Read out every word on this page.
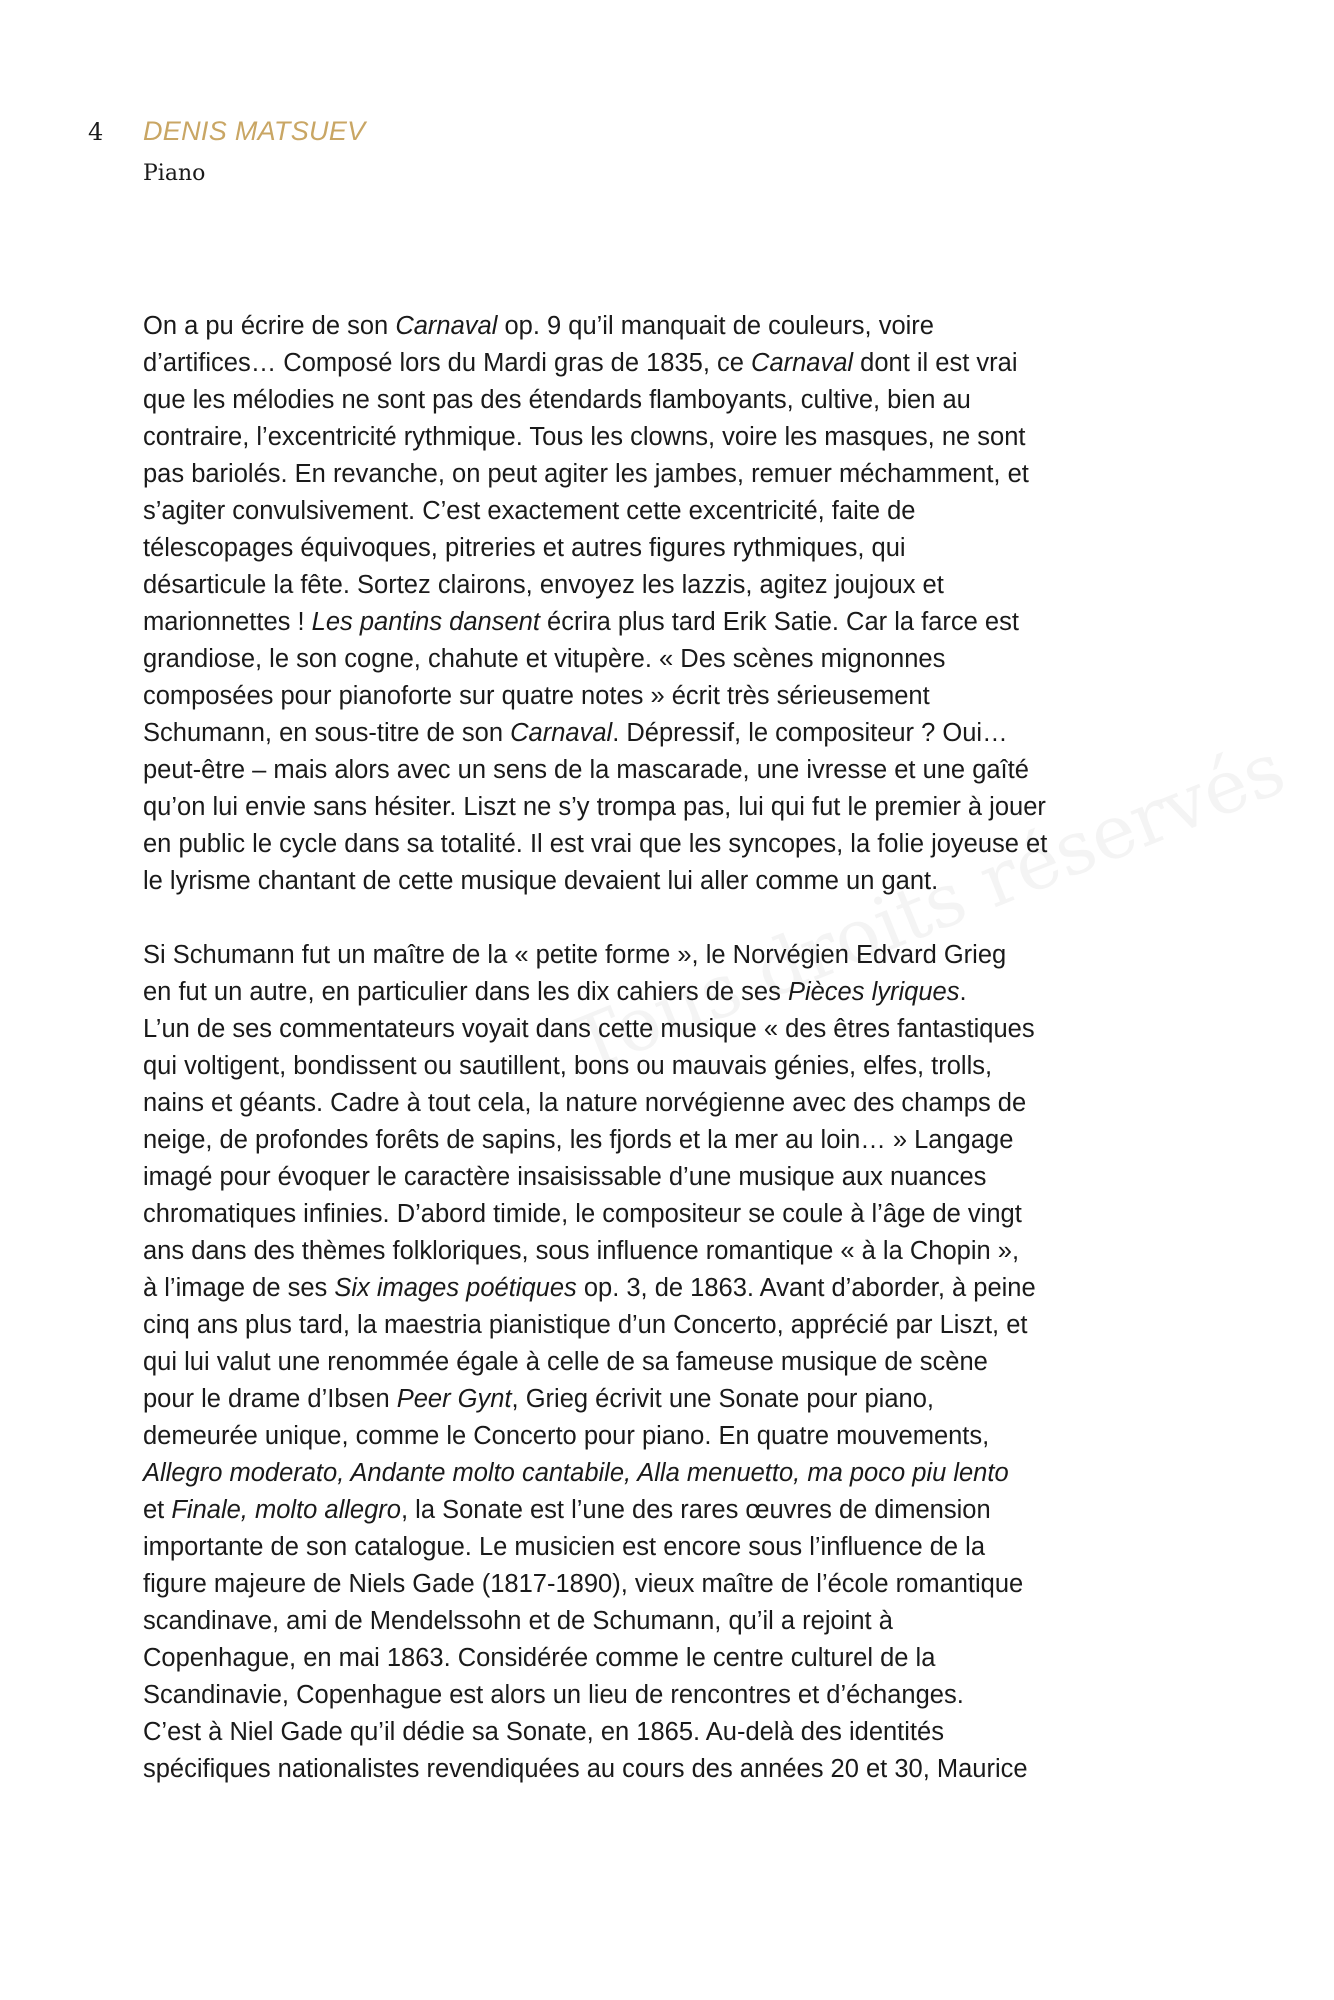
4 DENIS MATSUEV
Piano
On a pu écrire de son Carnaval op. 9 qu’il manquait de couleurs, voire
d’artifices… Composé lors du Mardi gras de 1835, ce Carnaval dont il est vrai
que les mélodies ne sont pas des étendards flamboyants, cultive, bien au
contraire, l’excentricité rythmique. Tous les clowns, voire les masques, ne sont
pas bariolés. En revanche, on peut agiter les jambes, remuer méchamment, et
s’agiter convulsivement. C’est exactement cette excentricité, faite de
télescopages équivoques, pitreries et autres figures rythmiques, qui
désarticule la fête. Sortez clairons, envoyez les lazzis, agitez joujoux et
marionnettes ! Les pantins dansent écrira plus tard Erik Satie. Car la farce est
grandiose, le son cogne, chahute et vitupère. « Des scènes mignonnes
composées pour pianoforte sur quatre notes » écrit très sérieusement
Schumann, en sous-titre de son Carnaval. Dépressif, le compositeur ? Oui…
peut-être – mais alors avec un sens de la mascarade, une ivresse et une gaîté
qu’on lui envie sans hésiter. Liszt ne s’y trompa pas, lui qui fut le premier à jouer
en public le cycle dans sa totalité. Il est vrai que les syncopes, la folie joyeuse et
le lyrisme chantant de cette musique devaient lui aller comme un gant.
Si Schumann fut un maître de la « petite forme », le Norvégien Edvard Grieg
en fut un autre, en particulier dans les dix cahiers de ses Pièces lyriques.
L’un de ses commentateurs voyait dans cette musique « des êtres fantastiques
qui voltigent, bondissent ou sautillent, bons ou mauvais génies, elfes, trolls,
nains et géants. Cadre à tout cela, la nature norvégienne avec des champs de
neige, de profondes forêts de sapins, les fjords et la mer au loin… » Langage
imagé pour évoquer le caractère insaisissable d’une musique aux nuances
chromatiques infinies. D’abord timide, le compositeur se coule à l’âge de vingt
ans dans des thèmes folkloriques, sous influence romantique « à la Chopin »,
à l’image de ses Six images poétiques op. 3, de 1863. Avant d’aborder, à peine
cinq ans plus tard, la maestria pianistique d’un Concerto, apprécié par Liszt, et
qui lui valut une renommée égale à celle de sa fameuse musique de scène
pour le drame d’Ibsen Peer Gynt, Grieg écrivit une Sonate pour piano,
demeurée unique, comme le Concerto pour piano. En quatre mouvements,
Allegro moderato, Andante molto cantabile, Alla menuetto, ma poco piu lento
et Finale, molto allegro, la Sonate est l’une des rares œuvres de dimension
importante de son catalogue. Le musicien est encore sous l’influence de la
figure majeure de Niels Gade (1817-1890), vieux maître de l’école romantique
scandinave, ami de Mendelssohn et de Schumann, qu’il a rejoint à
Copenhague, en mai 1863. Considérée comme le centre culturel de la
Scandinavie, Copenhague est alors un lieu de rencontres et d’échanges.
C’est à Niel Gade qu’il dédie sa Sonate, en 1865. Au-delà des identités
spécifiques nationalistes revendiquées au cours des années 20 et 30, Maurice
